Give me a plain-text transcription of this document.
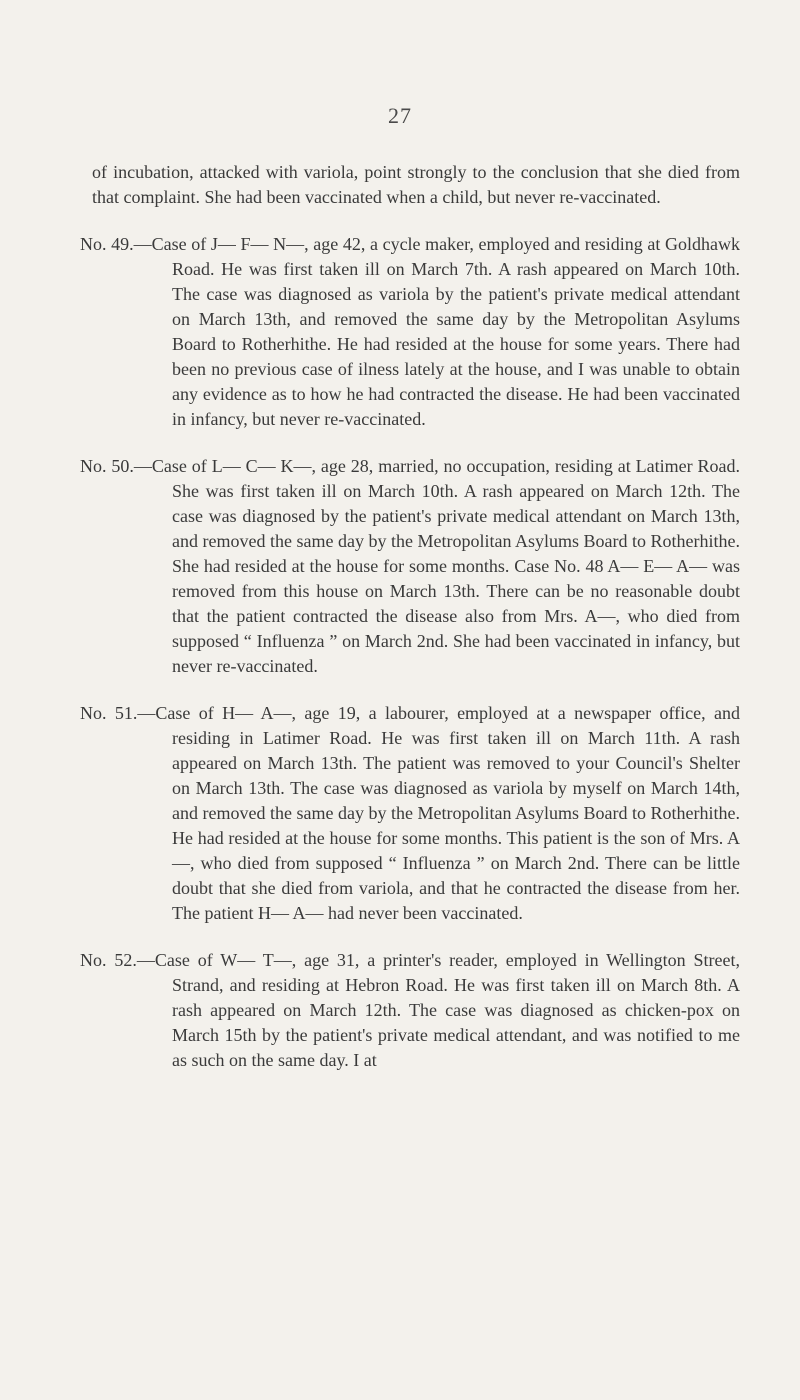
27

of incubation, attacked with variola, point strongly to the conclusion that she died from that complaint. She had been vaccinated when a child, but never re-vaccinated.

No. 49.—Case of J— F— N—, age 42, a cycle maker, employed and residing at Goldhawk Road. He was first taken ill on March 7th. A rash appeared on March 10th. The case was diagnosed as variola by the patient's private medical attendant on March 13th, and removed the same day by the Metropolitan Asylums Board to Rotherhithe. He had resided at the house for some years. There had been no previous case of ilness lately at the house, and I was unable to obtain any evidence as to how he had contracted the disease. He had been vaccinated in infancy, but never re-vaccinated.

No. 50.—Case of L— C— K—, age 28, married, no occupation, residing at Latimer Road. She was first taken ill on March 10th. A rash appeared on March 12th. The case was diagnosed by the patient's private medical attendant on March 13th, and removed the same day by the Metropolitan Asylums Board to Rotherhithe. She had resided at the house for some months. Case No. 48 A— E— A— was removed from this house on March 13th. There can be no reasonable doubt that the patient contracted the disease also from Mrs. A—, who died from supposed “ Influenza ” on March 2nd. She had been vaccinated in infancy, but never re-vaccinated.

No. 51.—Case of H— A—, age 19, a labourer, employed at a newspaper office, and residing in Latimer Road. He was first taken ill on March 11th. A rash appeared on March 13th. The patient was removed to your Council's Shelter on March 13th. The case was diagnosed as variola by myself on March 14th, and removed the same day by the Metropolitan Asylums Board to Rotherhithe. He had resided at the house for some months. This patient is the son of Mrs. A—, who died from supposed “ Influenza ” on March 2nd. There can be little doubt that she died from variola, and that he contracted the disease from her. The patient H— A— had never been vaccinated.

No. 52.—Case of W— T—, age 31, a printer's reader, employed in Wellington Street, Strand, and residing at Hebron Road. He was first taken ill on March 8th. A rash appeared on March 12th. The case was diagnosed as chicken-pox on March 15th by the patient's private medical attendant, and was notified to me as such on the same day. I at
